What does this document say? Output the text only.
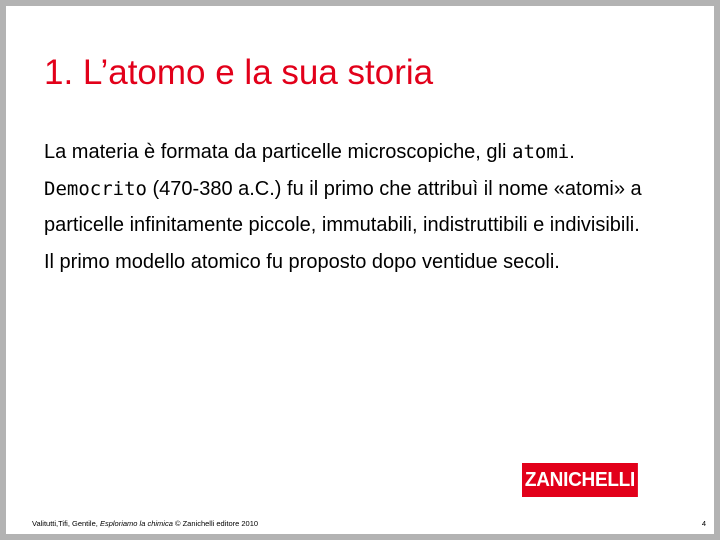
1. L’atomo e la sua storia

La materia è formata da particelle microscopiche, gli atomi.

Democrito (470-380 a.C.) fu il primo che attribuì il nome «atomi» a particelle infinitamente piccole, immutabili, indistruttibili e indivisibili.

Il primo modello atomico fu proposto dopo ventidue secoli.

ZANICHELLI
Valitutti,Tifi, Gentile, Esploriamo la chimica © Zanichelli editore 2010	4
